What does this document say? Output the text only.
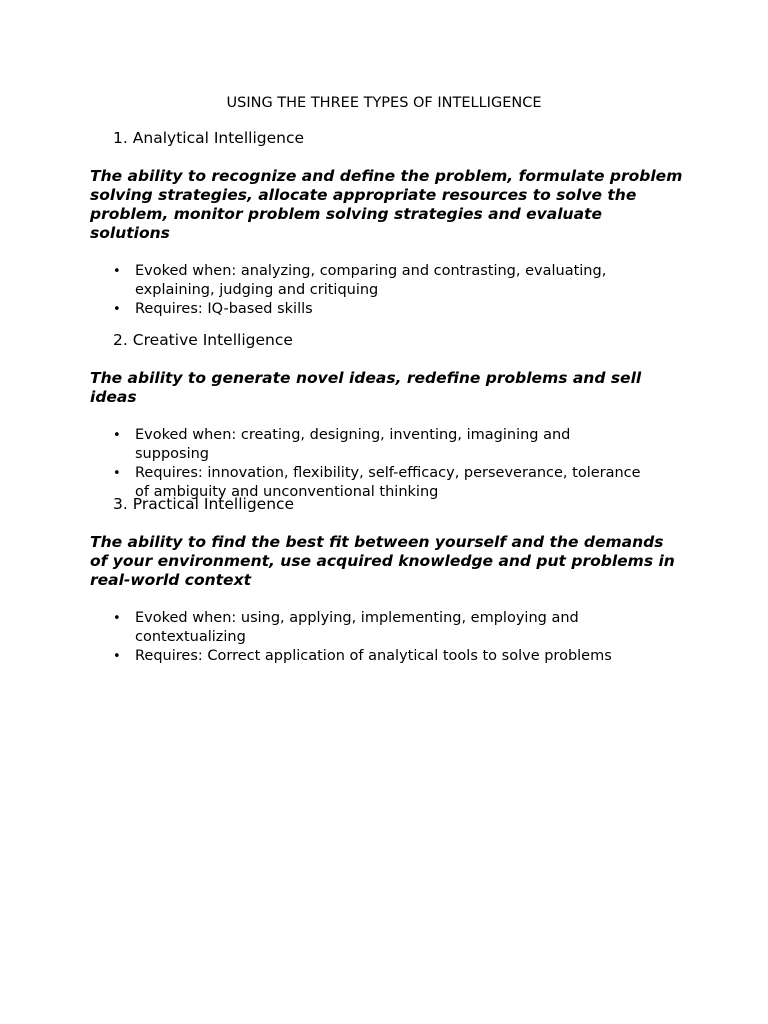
USING THE THREE TYPES OF INTELLIGENCE
1. Analytical Intelligence
The ability to recognize and define the problem, formulate problem solving strategies, allocate appropriate resources to solve the problem, monitor problem solving strategies and evaluate solutions
• Evoked when: analyzing, comparing and contrasting, evaluating, explaining, judging and critiquing
• Requires: IQ-based skills
2. Creative Intelligence
The ability to generate novel ideas, redefine problems and sell ideas
• Evoked when: creating, designing, inventing, imagining and supposing
• Requires: innovation, flexibility, self-efficacy, perseverance, tolerance of ambiguity and unconventional thinking
3. Practical Intelligence
The ability to find the best fit between yourself and the demands of your environment, use acquired knowledge and put problems in real-world context
• Evoked when: using, applying, implementing, employing and contextualizing
• Requires: Correct application of analytical tools to solve problems
